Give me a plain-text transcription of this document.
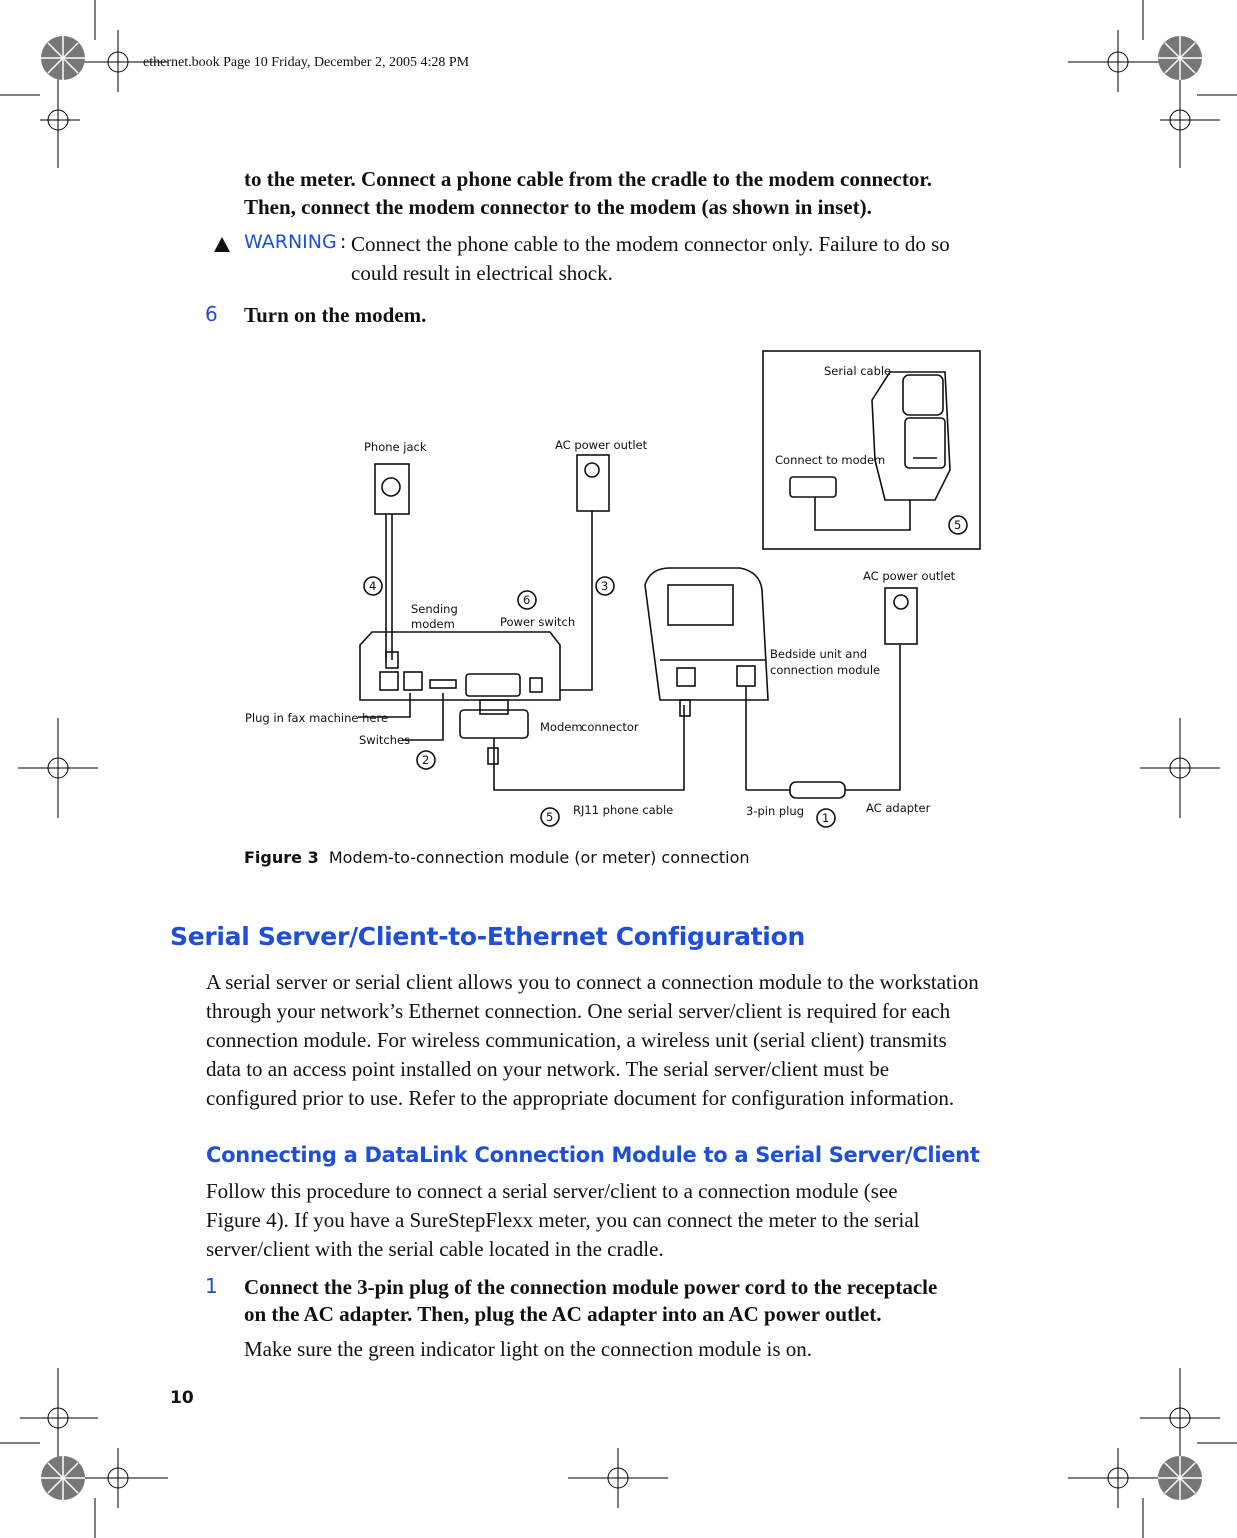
ethernet.book Page 10 Friday, December 2, 2005 4:28 PM
to the meter. Connect a phone cable from the cradle to the modem connector.
Then, connect the modem connector to the modem (as shown in inset).
WARNING : Connect the phone cable to the modem connector only. Failure to do so
could result in electrical shock.
6 Turn on the modem.
Serial cable
Connect to modem
5
Phone jack	AC power outlet
AC power outlet
4	3
6
2
5	1
Sending
modem	Power switch
Bedside unit and
connection module
Plug in fax machine here
Switches
Modem
connector
RJ11 phone cable	3-pin plug	AC adapter
Figure 3 Modem-to-connection module (or meter) connection
Serial Server/Client-to-Ethernet Configuration
A serial server or serial client allows you to connect a connection module to the workstation
through your network’s Ethernet connection. One serial server/client is required for each
connection module. For wireless communication, a wireless unit (serial client) transmits
data to an access point installed on your network. The serial server/client must be
configured prior to use. Refer to the appropriate document for configuration information.
Connecting a DataLink Connection Module to a Serial Server/Client
Follow this procedure to connect a serial server/client to a connection module (see
Figure 4). If you have a SureStepFlexx meter, you can connect the meter to the serial
server/client with the serial cable located in the cradle.
1 Connect the 3-pin plug of the connection module power cord to the receptacle
on the AC adapter. Then, plug the AC adapter into an AC power outlet.
Make sure the green indicator light on the connection module is on.
10
